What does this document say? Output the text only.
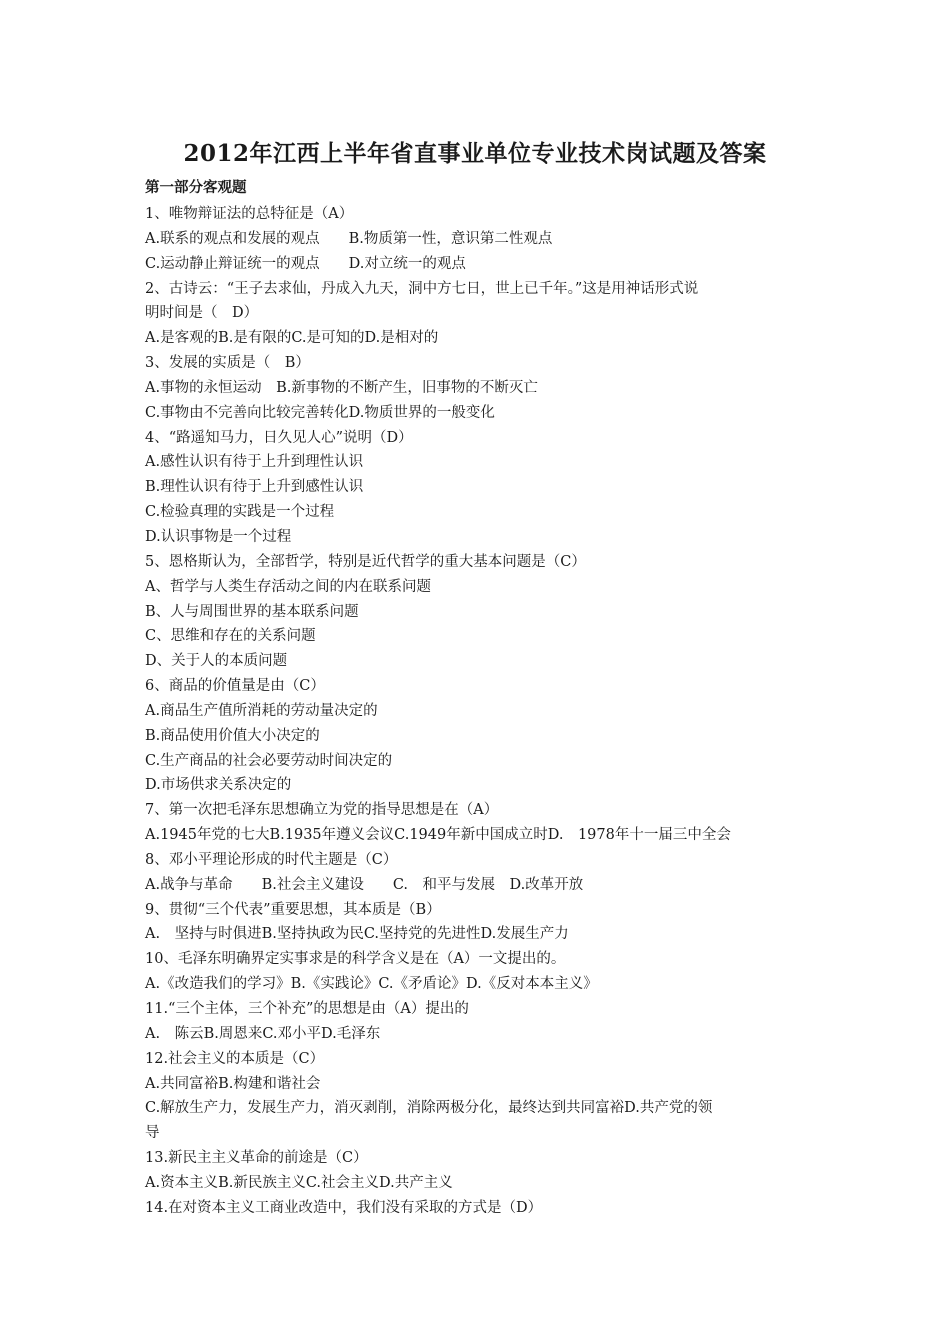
2012年江西上半年省直事业单位专业技术岗试题及答案
第一部分客观题
1、唯物辩证法的总特征是（A）
A.联系的观点和发展的观点　　B.物质第一性，意识第二性观点
C.运动静止辩证统一的观点　　D.对立统一的观点
2、古诗云：“王子去求仙，丹成入九天，洞中方七日，世上已千年。”这是用神话形式说
明时间是（　D）
A.是客观的B.是有限的C.是可知的D.是相对的
3、发展的实质是（　B）
A.事物的永恒运动　B.新事物的不断产生，旧事物的不断灭亡
C.事物由不完善向比较完善转化D.物质世界的一般变化
4、“路遥知马力，日久见人心”说明（D）
A.感性认识有待于上升到理性认识
B.理性认识有待于上升到感性认识
C.检验真理的实践是一个过程
D.认识事物是一个过程
5、恩格斯认为，全部哲学，特别是近代哲学的重大基本问题是（C）
A、哲学与人类生存活动之间的内在联系问题
B、人与周围世界的基本联系问题
C、思维和存在的关系问题
D、关于人的本质问题
6、商品的价值量是由（C）
A.商品生产值所消耗的劳动量决定的
B.商品使用价值大小决定的
C.生产商品的社会必要劳动时间决定的
D.市场供求关系决定的
7、第一次把毛泽东思想确立为党的指导思想是在（A）
A.1945年党的七大B.1935年遵义会议C.1949年新中国成立时D.　1978年十一届三中全会
8、邓小平理论形成的时代主题是（C）
A.战争与革命　　B.社会主义建设　　C.　和平与发展　D.改革开放
9、贯彻“三个代表”重要思想，其本质是（B）
A.　坚持与时俱进B.坚持执政为民C.坚持党的先进性D.发展生产力
10、毛泽东明确界定实事求是的科学含义是在（A）一文提出的。
A.《改造我们的学习》B.《实践论》C.《矛盾论》D.《反对本本主义》
11.“三个主体，三个补充”的思想是由（A）提出的
A.　陈云B.周恩来C.邓小平D.毛泽东
12.社会主义的本质是（C）
A.共同富裕B.构建和谐社会
C.解放生产力，发展生产力，消灭剥削，消除两极分化，最终达到共同富裕D.共产党的领
导
13.新民主主义革命的前途是（C）
A.资本主义B.新民族主义C.社会主义D.共产主义
14.在对资本主义工商业改造中，我们没有采取的方式是（D）
